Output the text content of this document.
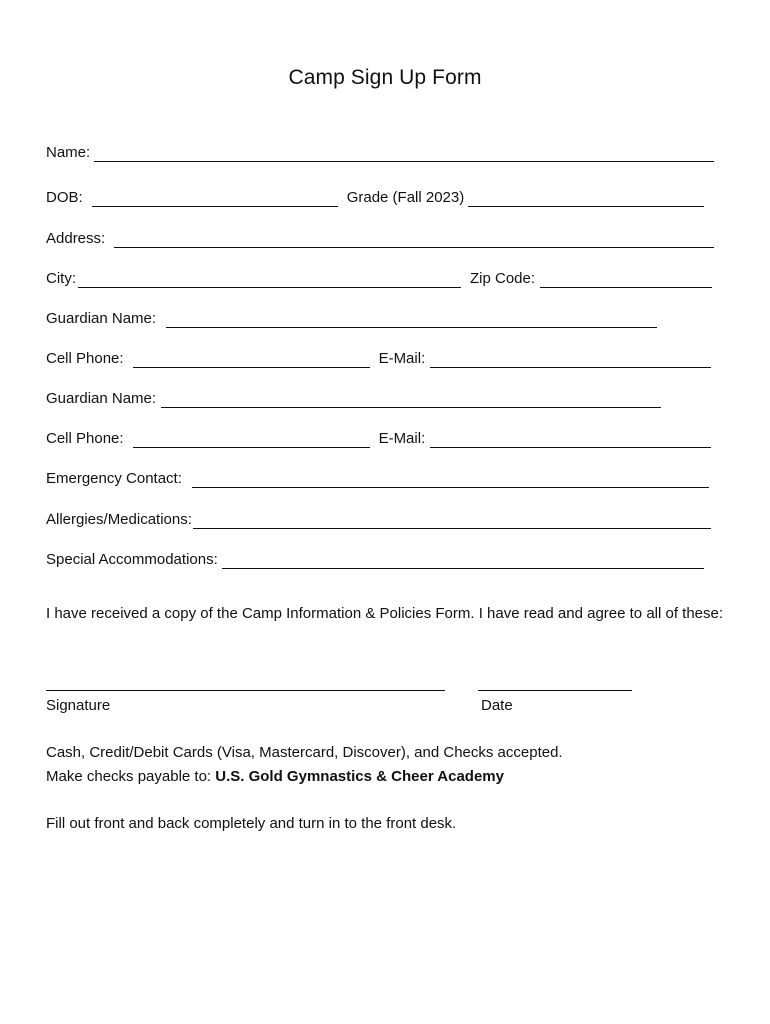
Camp Sign Up Form
Name:
DOB:	Grade (Fall 2023)
Address:
City:	Zip Code:
Guardian Name:
Cell Phone:	E-Mail:
Guardian Name:
Cell Phone:	E-Mail:
Emergency Contact:
Allergies/Medications:
Special Accommodations:
I have received a copy of the Camp Information & Policies Form. I have read and agree to all of these:
Signature	Date
Cash, Credit/Debit Cards (Visa, Mastercard, Discover), and Checks accepted.
Make checks payable to: U.S. Gold Gymnastics & Cheer Academy
Fill out front and back completely and turn in to the front desk.
